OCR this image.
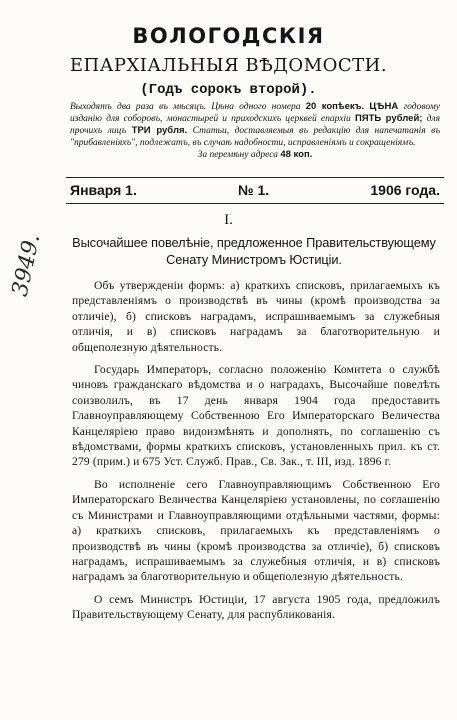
3949.
ВОЛОГОДСКІЯ
ЕПАРХІАЛЬНЫЯ ВѢДОМОСТИ.
(Годъ сорокъ второй).
Выходятъ два раза въ мѣсяцъ. Цѣна одного номера 20 копѣекъ. ЦѢНА годовому изданію для соборовъ, монастырей и приходскихъ церквей епархіи ПЯТЬ рублей; для прочихъ лицъ ТРИ рубля. Статьи, доставляемыя въ редакцію для напечатанія въ "прибавленіяхъ", подлежатъ, въ случаѣ надобности, исправленіямъ и сокращеніямъ.
За перемѣну адреса 48 коп.
Января 1.	№ 1.	1906 года.
I.
Высочайшее повелѣніе, предложенное Правительствующему Сенату Министромъ Юстиціи.

Объ утвержденіи формъ: а) краткихъ списковъ, прилагаемыхъ къ представленіямъ о производствѣ въ чины (кромѣ производства за отличіе), б) списковъ наградамъ, испрашиваемымъ за служебныя отличія, и в) списковъ наградамъ за благотворительную и общеполезную дѣятельность.

Государь Императоръ, согласно положенію Комитета о службѣ чиновъ гражданскаго вѣдомства и о наградахъ, Высочайше повелѣть соизволилъ, въ 17 день января 1904 года предоставить Главноуправляющему Собственною Его Императорскаго Величества Канцеляріею право видоизмѣнять и дополнять, по соглашенію съ вѣдомствами, формы краткихъ списковъ, установленныхъ прил. къ ст. 279 (прим.) и 675 Уст. Служб. Прав., Св. Зак., т. III, изд. 1896 г.

Во исполненіе сего Главноуправляющимъ Собственною Его Императорскаго Величества Канцеляріею установлены, по соглашенію съ Министрами и Главноуправляющими отдѣльными частями, формы: а) краткихъ списковъ, прилагаемыхъ къ представленіямъ о производствѣ въ чины (кромѣ производства за отличіе), б) списковъ наградамъ, испрашиваемымъ за служебныя отличія, и в) списковъ наградамъ за благотворительную и общеполезную дѣятельность.

О семъ Министръ Юстиціи, 17 августа 1905 года, предложилъ Правительствующему Сенату, для распубликованія.
